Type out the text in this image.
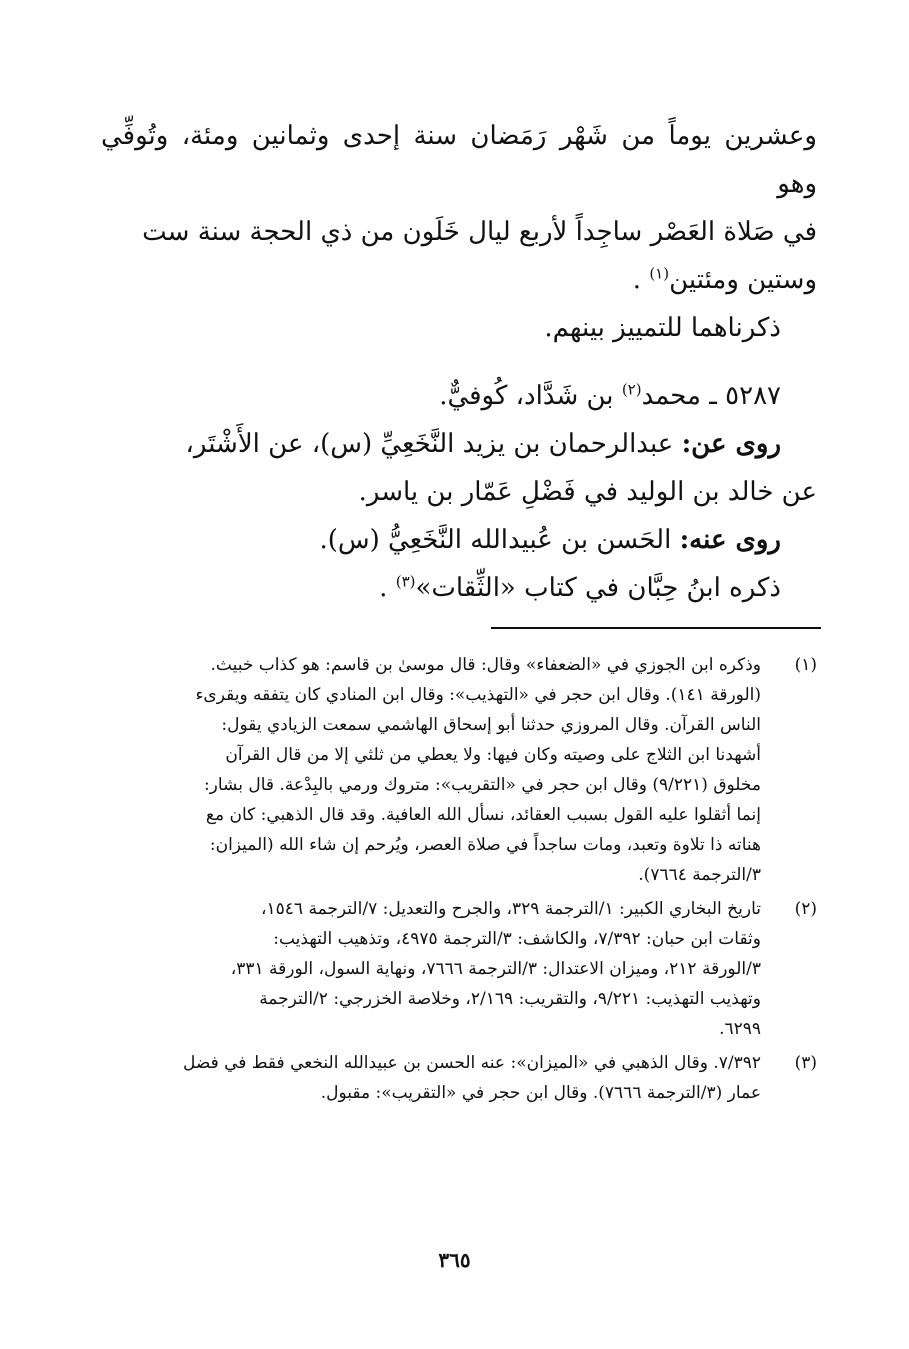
وعشرين يوماً من شَهْر رَمَضان سنة إحدى وثمانين ومئة، وتُوفِّي وهو

في صَلاة العَصْر ساجِداً لأربع ليال خَلَون من ذي الحجة سنة ست

وستين ومئتين$^{(١)}$ .

ذكرناهما للتمييز بينهم.

٥٢٨٧ ـ محمد$^{(٢)}$ بن شَدَّاد، كُوفيٌّ.

روى عن: عبدالرحمان بن يزيد النَّخَعِيِّ (س)، عن الأَشْتَر،

عن خالد بن الوليد في فَضْلِ عَمّار بن ياسر.

روى عنه: الحَسن بن عُبيدالله النَّخَعِيُّ (س).

ذكره ابنُ حِبَّان في كتاب «الثِّقات»$^{(٣)}$ .

(١)

وذكره ابن الجوزي في «الضعفاء» وقال: قال موسىٰ بن قاسم: هو كذاب خبيث.

(الورقة ١٤١). وقال ابن حجر في «التهذيب»: وقال ابن المنادي كان يتفقه ويقرىء

الناس القرآن. وقال المروزي حدثنا أبو إسحاق الهاشمي سمعت الزيادي يقول:

أشهدنا ابن الثلاج على وصيته وكان فيها: ولا يعطي من ثلثي إلا من قال القرآن

مخلوق (٩/٢٢١) وقال ابن حجر في «التقريب»: متروك ورمي بالبِدْعة. قال بشار:

إنما أثقلوا عليه القول بسبب العقائد، نسأل الله العافية. وقد قال الذهبي: كان مع

هناته ذا تلاوة وتعبد، ومات ساجداً في صلاة العصر، ويُرحم إن شاء الله (الميزان:

٣/الترجمة ٧٦٦٤).

(٢)

تاريخ البخاري الكبير: ١/الترجمة ٣٢٩، والجرح والتعديل: ٧/الترجمة ١٥٤٦،

وثقات ابن حبان: ٧/٣٩٢، والكاشف: ٣/الترجمة ٤٩٧٥، وتذهيب التهذيب:

٣/الورقة ٢١٢، وميزان الاعتدال: ٣/الترجمة ٧٦٦٦، ونهاية السول، الورقة ٣٣١،

وتهذيب التهذيب: ٩/٢٢١، والتقريب: ٢/١٦٩، وخلاصة الخزرجي: ٢/الترجمة

٦٢٩٩.

(٣)

٧/٣٩٢. وقال الذهبي في «الميزان»: عنه الحسن بن عبيدالله النخعي فقط في فضل

عمار (٣/الترجمة ٧٦٦٦). وقال ابن حجر في «التقريب»: مقبول.

٣٦٥
